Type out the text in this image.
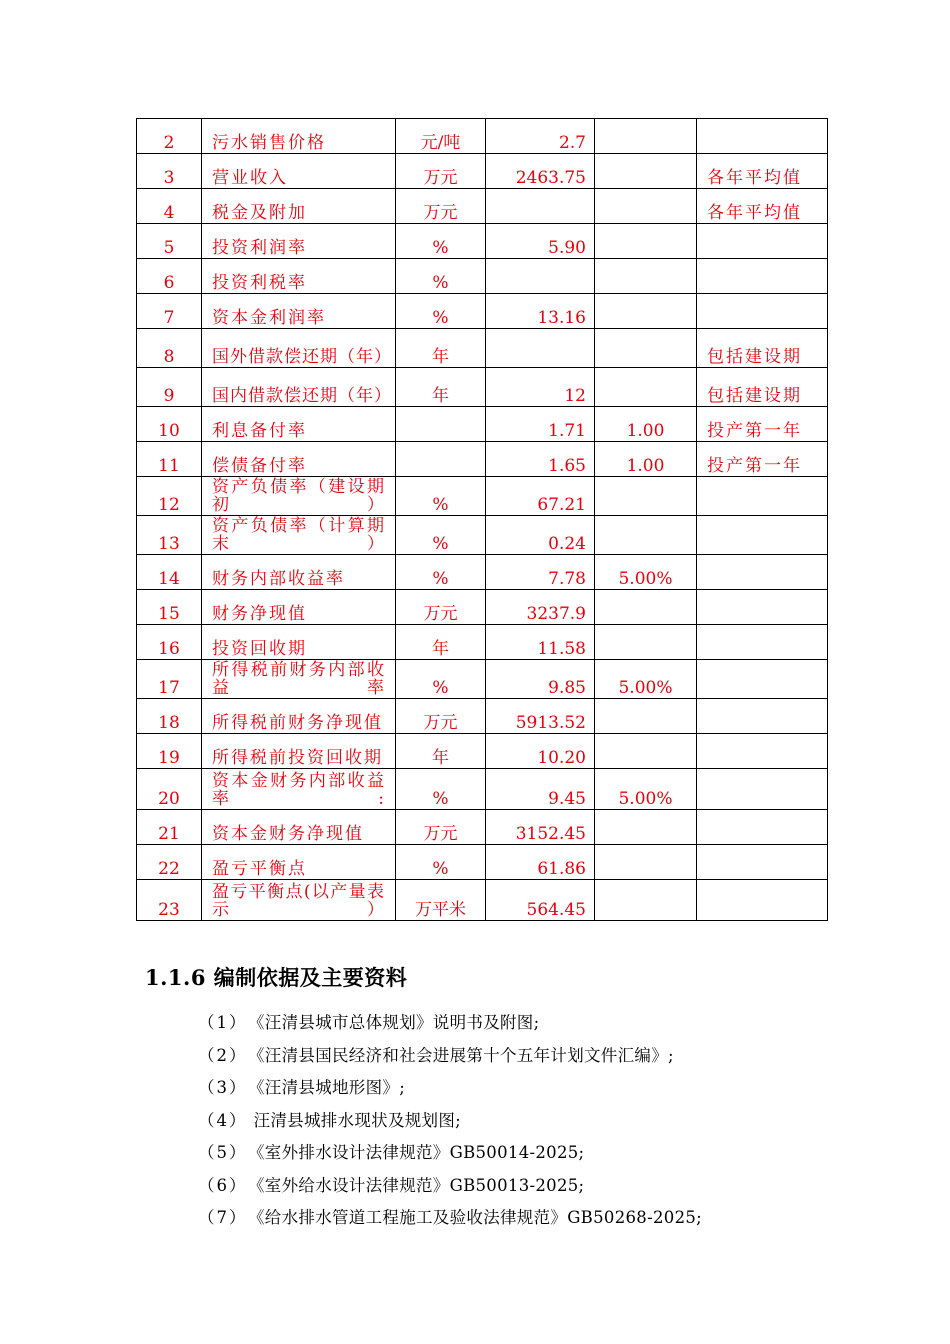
2	污水销售价格	元/吨	2.7		
3	营业收入	万元	2463.75		各年平均值
4	税金及附加	万元			各年平均值
5	投资利润率	%	5.90		
6	投资利税率	%			
7	资本金利润率	%	13.16		
8	国外借款偿还期（年）	年			包括建设期
9	国内借款偿还期（年）	年	12		包括建设期
10	利息备付率		1.71	1.00	投产第一年
11	偿债备付率		1.65	1.00	投产第一年
12	资产负债率（建设期初）	%	67.21		
13	资产负债率（计算期末）	%	0.24		
14	财务内部收益率	%	7.78	5.00%	
15	财务净现值	万元	3237.9		
16	投资回收期	年	11.58		
17	所得税前财务内部收益率	%	9.85	5.00%	
18	所得税前财务净现值	万元	5913.52		
19	所得税前投资回收期	年	10.20		
20	资本金财务内部收益率:	%	9.45	5.00%	
21	资本金财务净现值	万元	3152.45		
22	盈亏平衡点	%	61.86		
23	盈亏平衡点(以产量表示）	万平米	564.45		
1.1.6 编制依据及主要资料
（1）《汪清县城市总体规划》说明书及附图;
（2）《汪清县国民经济和社会进展第十个五年计划文件汇编》;
（3）《汪清县城地形图》;
（4） 汪清县城排水现状及规划图;
（5）《室外排水设计法律规范》GB50014-2025;
（6）《室外给水设计法律规范》GB50013-2025;
（7）《给水排水管道工程施工及验收法律规范》GB50268-2025;
